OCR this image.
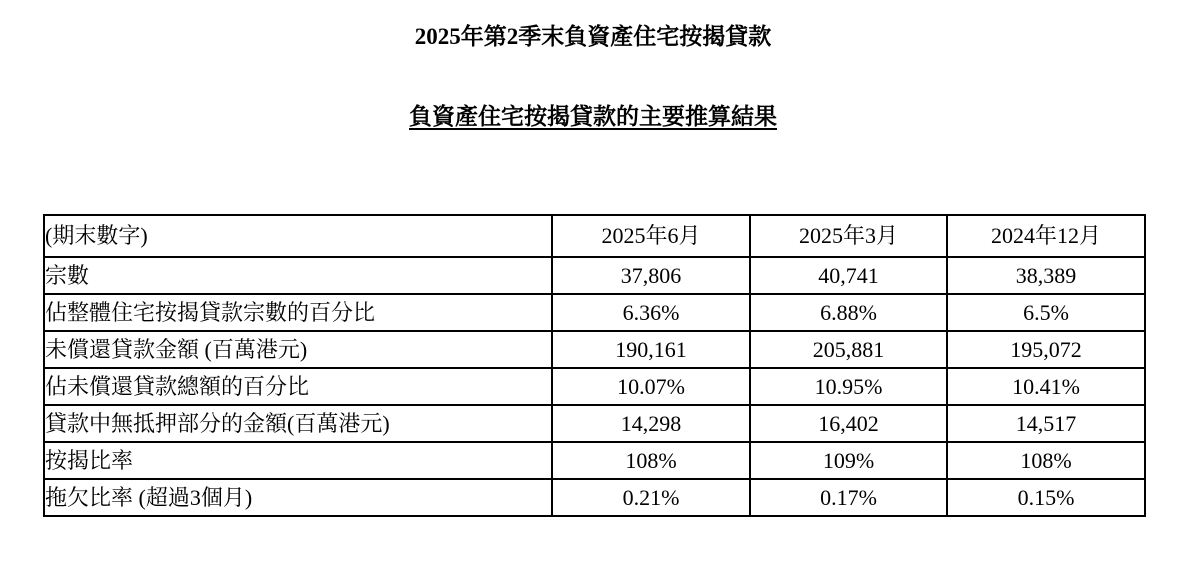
2025年第2季末負資產住宅按揭貸款
負資產住宅按揭貸款的主要推算結果
(期末數字)	2025年6月	2025年3月	2024年12月
宗數	37,806	40,741	38,389
佔整體住宅按揭貸款宗數的百分比	6.36%	6.88%	6.5%
未償還貸款金額 (百萬港元)	190,161	205,881	195,072
佔未償還貸款總額的百分比	10.07%	10.95%	10.41%
貸款中無抵押部分的金額(百萬港元)	14,298	16,402	14,517
按揭比率	108%	109%	108%
拖欠比率 (超過3個月)	0.21%	0.17%	0.15%
